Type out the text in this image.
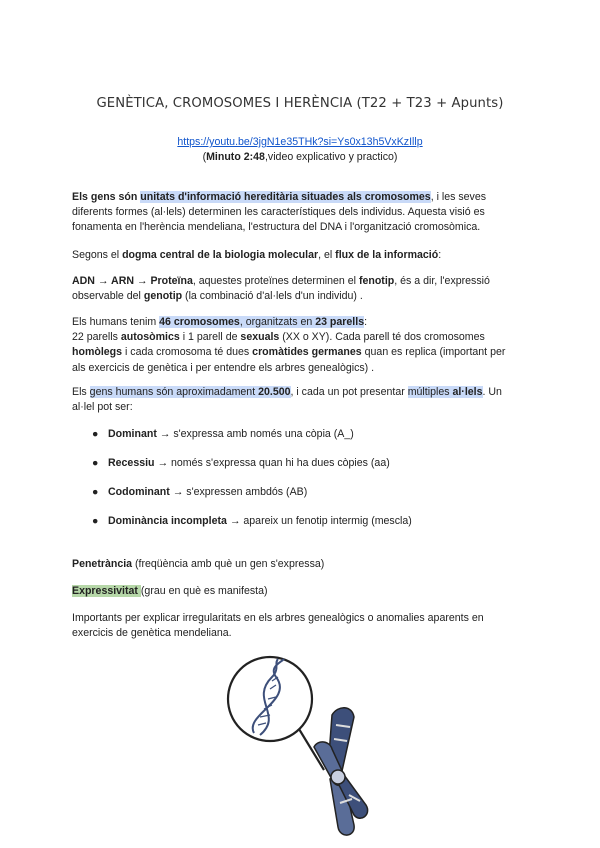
GENÈTICA, CROMOSOMES I HERÈNCIA (T22 + T23 + Apunts)
https://youtu.be/3jgN1e35THk?si=Ys0x13h5VxKzIllp
(Minuto 2:48,video explicativo y practico)
Els gens són unitats d'informació hereditària situades als cromosomes, i les seves
diferents formes (al·lels) determinen les característiques dels individus. Aquesta visió es
fonamenta en l'herència mendeliana, l'estructura del DNA i l'organització cromosòmica.
Segons el dogma central de la biologia molecular, el flux de la informació:
ADN → ARN → Proteïna, aquestes proteïnes determinen el fenotip, és a dir, l'expressió
observable del genotip (la combinació d'al·lels d'un individu) .
Els humans tenim 46 cromosomes, organitzats en 23 parells:
22 parells autosòmics i 1 parell de sexuals (XX o XY). Cada parell té dos cromosomes
homòlegs i cada cromosoma té dues cromàtides germanes quan es replica (important per
als exercicis de genètica i per entendre els arbres genealògics) .
Els gens humans són aproximadament 20.500, i cada un pot presentar múltiples al·lels. Un
al·lel pot ser:
● Dominant → s'expressa amb només una còpia (A_)
● Recessiu → només s'expressa quan hi ha dues còpies (aa)
● Codominant → s'expressen ambdós (AB)
● Dominància incompleta → apareix un fenotip intermig (mescla)
Penetrància (freqüència amb què un gen s'expressa)
Expressivitat (grau en què es manifesta)
Importants per explicar irregularitats en els arbres genealògics o anomalies aparents en
exercicis de genètica mendeliana.
